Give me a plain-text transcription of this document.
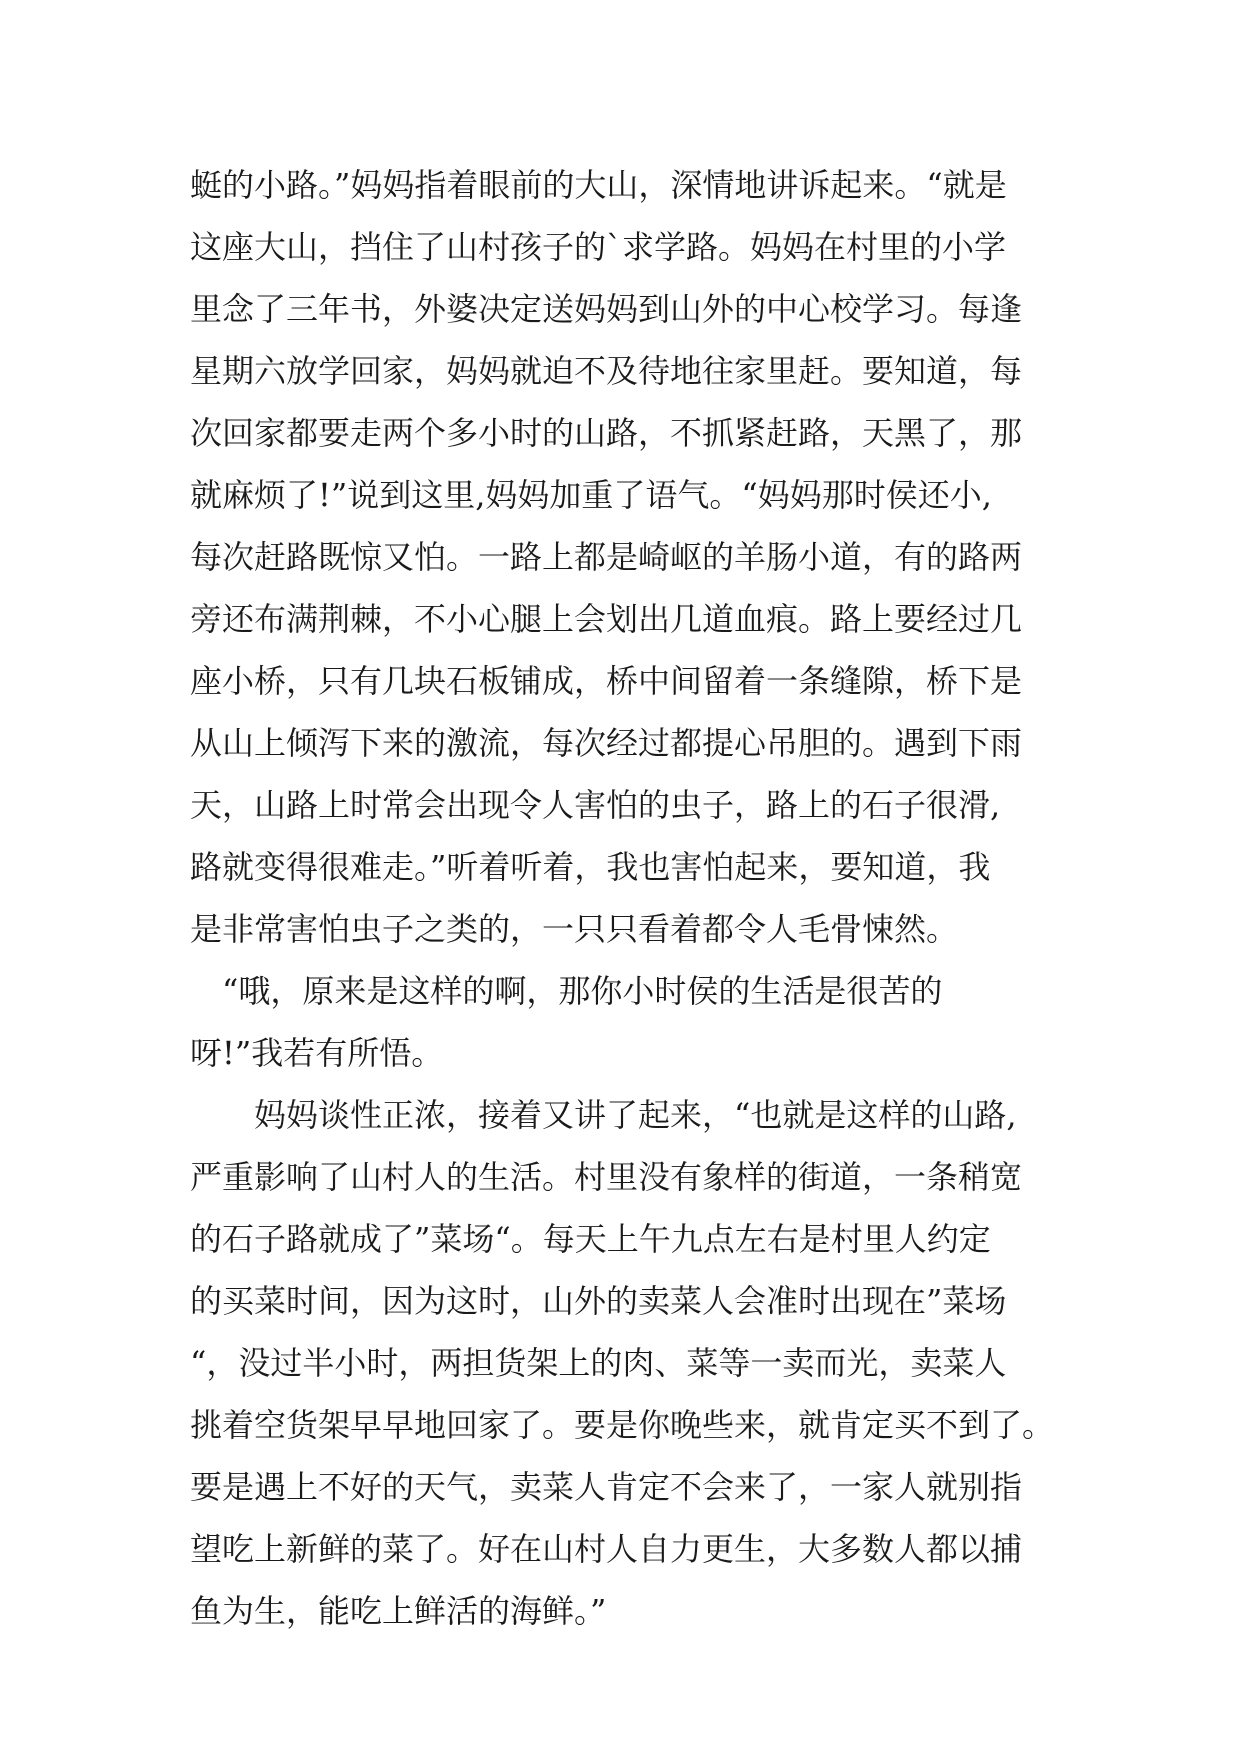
蜓的小路。”妈妈指着眼前的大山，深情地讲诉起来。“就是
这座大山，挡住了山村孩子的`求学路。妈妈在村里的小学
里念了三年书，外婆决定送妈妈到山外的中心校学习。每逢
星期六放学回家，妈妈就迫不及待地往家里赶。要知道，每
次回家都要走两个多小时的山路，不抓紧赶路，天黑了，那
就麻烦了!”说到这里,妈妈加重了语气。“妈妈那时侯还小,
每次赶路既惊又怕。一路上都是崎岖的羊肠小道，有的路两
旁还布满荆棘，不小心腿上会划出几道血痕。路上要经过几
座小桥，只有几块石板铺成，桥中间留着一条缝隙，桥下是
从山上倾泻下来的激流，每次经过都提心吊胆的。遇到下雨
天，山路上时常会出现令人害怕的虫子，路上的石子很滑,
路就变得很难走。”听着听着，我也害怕起来，要知道，我
是非常害怕虫子之类的，一只只看着都令人毛骨悚然。
　“哦，原来是这样的啊，那你小时侯的生活是很苦的
呀!”我若有所悟。
　　妈妈谈性正浓，接着又讲了起来，“也就是这样的山路,
严重影响了山村人的生活。村里没有象样的街道，一条稍宽
的石子路就成了”菜场“。每天上午九点左右是村里人约定
的买菜时间，因为这时，山外的卖菜人会准时出现在”菜场
“，没过半小时，两担货架上的肉、菜等一卖而光，卖菜人
挑着空货架早早地回家了。要是你晚些来，就肯定买不到了。
要是遇上不好的天气，卖菜人肯定不会来了，一家人就别指
望吃上新鲜的菜了。好在山村人自力更生，大多数人都以捕
鱼为生，能吃上鲜活的海鲜。”
